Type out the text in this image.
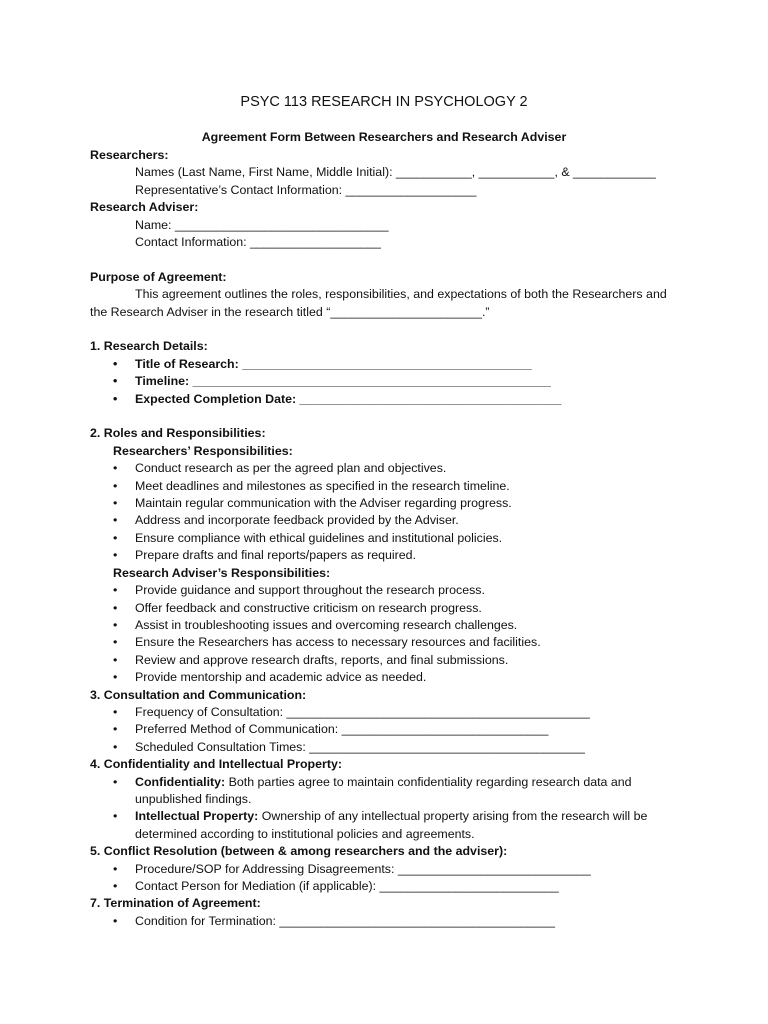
PSYC 113 RESEARCH IN PSYCHOLOGY 2
Agreement Form Between Researchers and Research Adviser
Researchers:
Names (Last Name, First Name, Middle Initial): ___________, ___________, & ____________
Representative’s Contact Information: ___________________
Research Adviser:
Name: _______________________________
Contact Information: ___________________
Purpose of Agreement:
This agreement outlines the roles, responsibilities, and expectations of both the Researchers and the Research Adviser in the research titled “______________________.”
1. Research Details:
•	Title of Research: __________________________________________
•	Timeline: ____________________________________________________
•	Expected Completion Date: ______________________________________
2. Roles and Responsibilities:
Researchers’ Responsibilities:
•	Conduct research as per the agreed plan and objectives.
•	Meet deadlines and milestones as specified in the research timeline.
•	Maintain regular communication with the Adviser regarding progress.
•	Address and incorporate feedback provided by the Adviser.
•	Ensure compliance with ethical guidelines and institutional policies.
•	Prepare drafts and final reports/papers as required.
Research Adviser’s Responsibilities:
•	Provide guidance and support throughout the research process.
•	Offer feedback and constructive criticism on research progress.
•	Assist in troubleshooting issues and overcoming research challenges.
•	Ensure the Researchers has access to necessary resources and facilities.
•	Review and approve research drafts, reports, and final submissions.
•	Provide mentorship and academic advice as needed.
3. Consultation and Communication:
•	Frequency of Consultation: ____________________________________________
•	Preferred Method of Communication: ______________________________
•	Scheduled Consultation Times: ________________________________________
4. Confidentiality and Intellectual Property:
•	Confidentiality: Both parties agree to maintain confidentiality regarding research data and unpublished findings.
•	Intellectual Property: Ownership of any intellectual property arising from the research will be determined according to institutional policies and agreements.
5. Conflict Resolution (between & among researchers and the adviser):
•	Procedure/SOP for Addressing Disagreements: ____________________________
•	Contact Person for Mediation (if applicable): __________________________
7. Termination of Agreement:
•	Condition for Termination: ________________________________________
